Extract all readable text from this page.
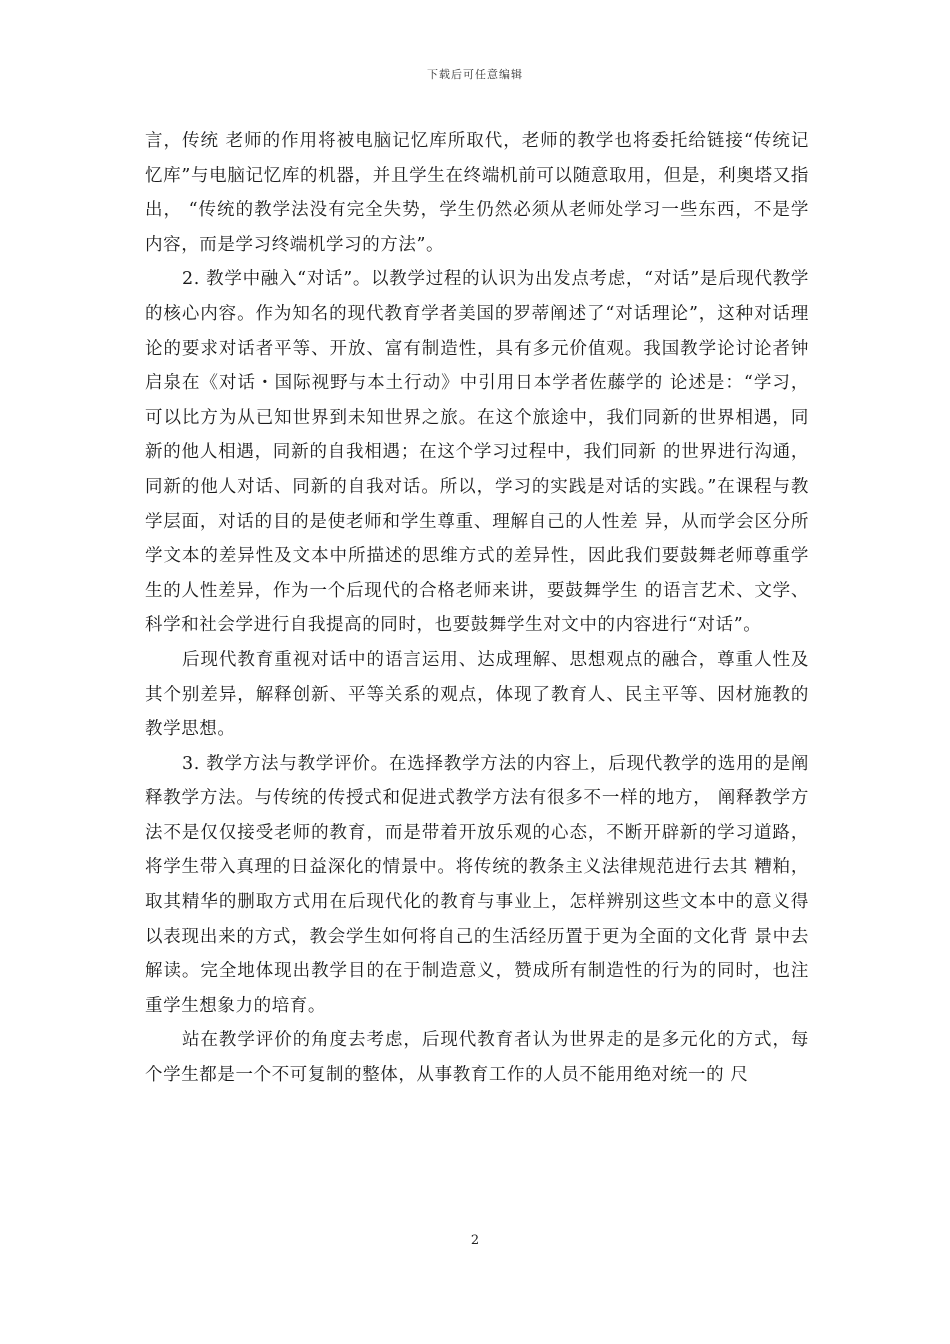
下载后可任意编辑

言，传统 老师的作用将被电脑记忆库所取代，老师的教学也将委托给链接“传统记忆库”与电脑记忆库的机器，并且学生在终端机前可以随意取用，但是，利奥塔又指出， “传统的教学法没有完全失势，学生仍然必须从老师处学习一些东西，不是学内容，而是学习终端机学习的方法”。

2. 教学中融入“对话”。以教学过程的认识为出发点考虑，“对话”是后现代教学的核心内容。作为知名的现代教育学者美国的罗蒂阐述了“对话理论”，这种对话理论的要求对话者平等、开放、富有制造性，具有多元价值观。我国教学论讨论者钟启泉在《对话・国际视野与本土行动》中引用日本学者佐藤学的 论述是：“学习，可以比方为从已知世界到未知世界之旅。在这个旅途中，我们同新的世界相遇，同新的他人相遇，同新的自我相遇；在这个学习过程中，我们同新 的世界进行沟通，同新的他人对话、同新的自我对话。所以，学习的实践是对话的实践。”在课程与教学层面，对话的目的是使老师和学生尊重、理解自己的人性差 异，从而学会区分所学文本的差异性及文本中所描述的思维方式的差异性，因此我们要鼓舞老师尊重学生的人性差异，作为一个后现代的合格老师来讲，要鼓舞学生 的语言艺术、文学、科学和社会学进行自我提高的同时，也要鼓舞学生对文中的内容进行“对话”。

后现代教育重视对话中的语言运用、达成理解、思想观点的融合，尊重人性及其个别差异，解释创新、平等关系的观点，体现了教育人、民主平等、因材施教的教学思想。

3. 教学方法与教学评价。在选择教学方法的内容上，后现代教学的选用的是阐释教学方法。与传统的传授式和促进式教学方法有很多不一样的地方， 阐释教学方法不是仅仅接受老师的教育，而是带着开放乐观的心态，不断开辟新的学习道路，将学生带入真理的日益深化的情景中。将传统的教条主义法律规范进行去其 糟粕，取其精华的删取方式用在后现代化的教育与事业上，怎样辨别这些文本中的意义得以表现出来的方式，教会学生如何将自己的生活经历置于更为全面的文化背 景中去解读。完全地体现出教学目的在于制造意义，赞成所有制造性的行为的同时，也注重学生想象力的培育。

站在教学评价的角度去考虑，后现代教育者认为世界走的是多元化的方式，每个学生都是一个不可复制的整体，从事教育工作的人员不能用绝对统一的 尺

2
